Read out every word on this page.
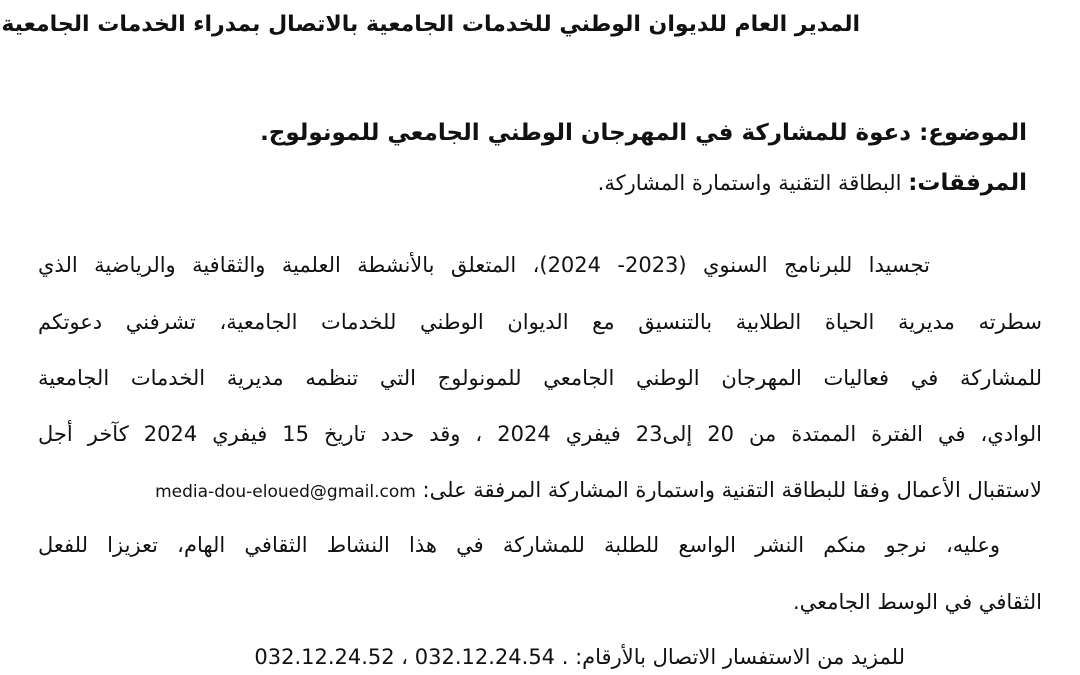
المدير العام للديوان الوطني للخدمات الجامعية بالاتصال بمدراء الخدمات الجامعية
الموضوع: دعوة للمشاركة في المهرجان الوطني الجامعي للمونولوج.
المرفقات: البطاقة التقنية واستمارة المشاركة.
تجسيدا للبرنامج السنوي (2023- 2024)، المتعلق بالأنشطة العلمية والثقافية والرياضية الذي
سطرته مديرية الحياة الطلابية بالتنسيق مع الديوان الوطني للخدمات الجامعية، تشرفني دعوتكم
للمشاركة في فعاليات المهرجان الوطني الجامعي للمونولوج التي تنظمه مديرية الخدمات الجامعية
الوادي، في الفترة الممتدة من 20 إلى23 فيفري 2024 ، وقد حدد تاريخ 15 فيفري 2024 كآخر أجل
لاستقبال الأعمال وفقا للبطاقة التقنية واستمارة المشاركة المرفقة على: media-dou-eloued@gmail.com
وعليه، نرجو منكم النشر الواسع للطلبة للمشاركة في هذا النشاط الثقافي الهام، تعزيزا للفعل
الثقافي في الوسط الجامعي.
للمزيد من الاستفسار الاتصال بالأرقام: 032.12.24.52 ، 032.12.24.54 .
